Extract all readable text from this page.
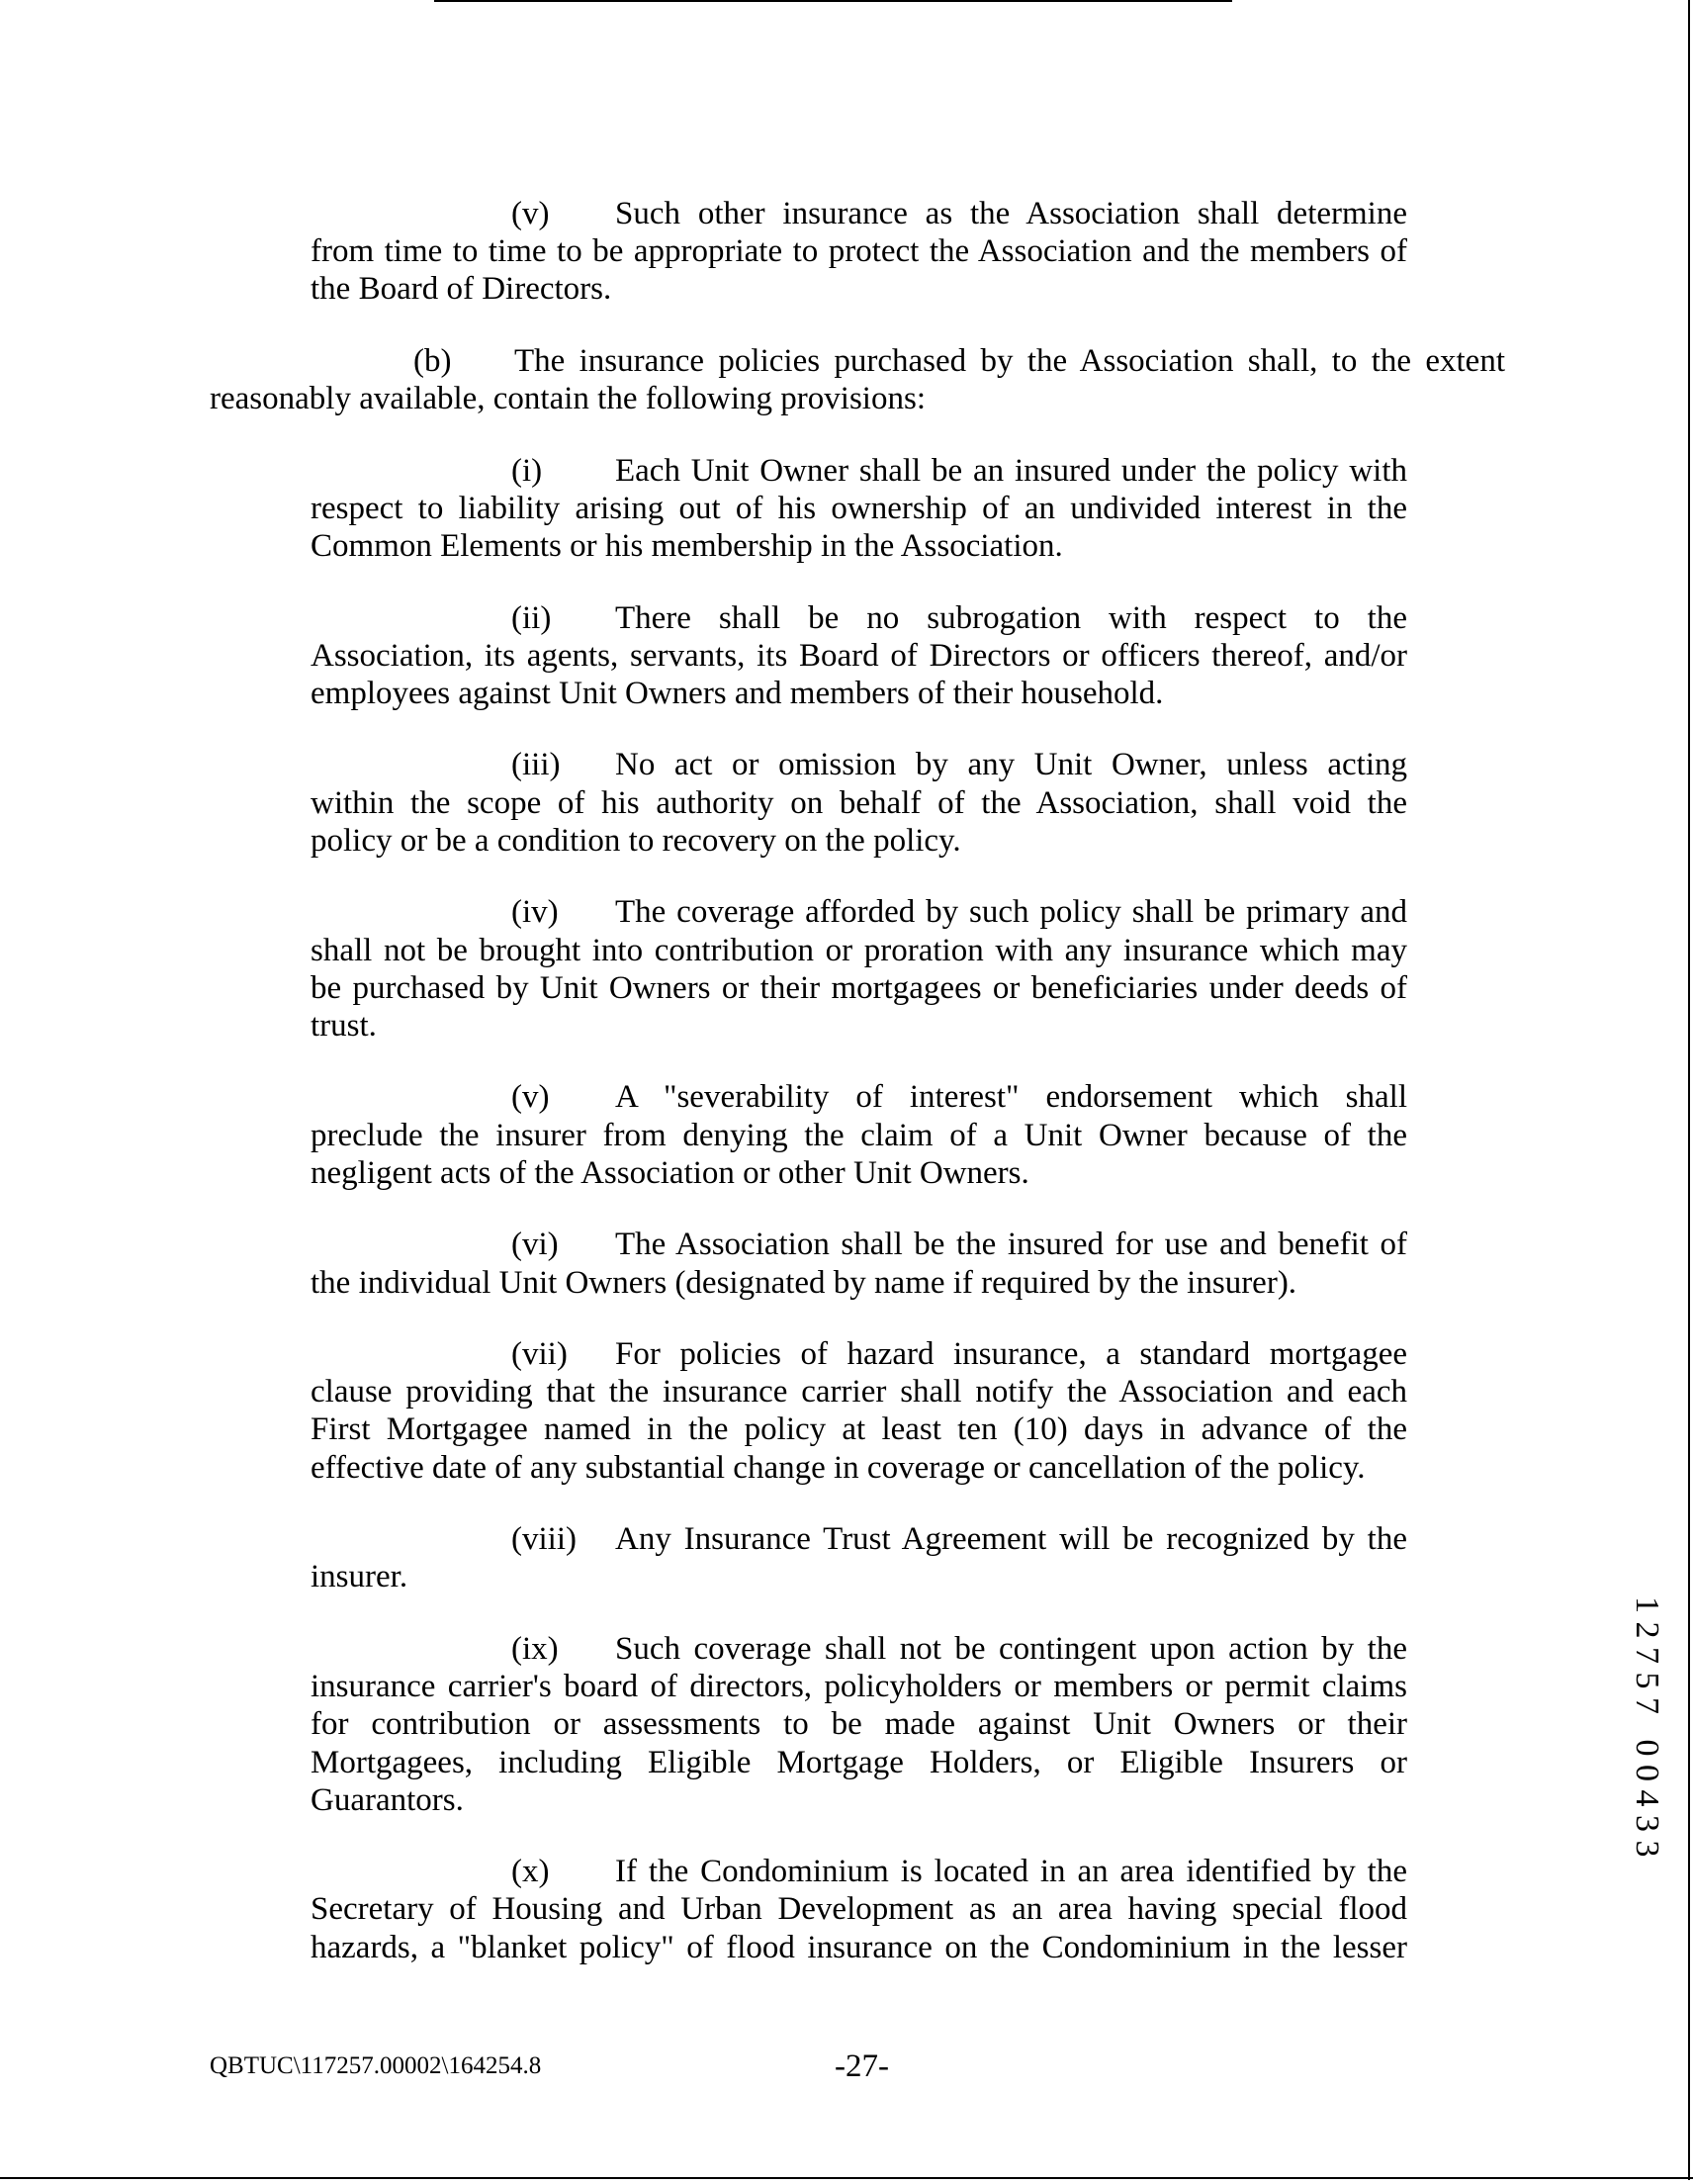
(v)	Such other insurance as the Association shall determine
from time to time to be appropriate to protect the Association and the members of
the Board of Directors.
(b)	The insurance policies purchased by the Association shall, to the extent
reasonably available, contain the following provisions:
(i)	Each Unit Owner shall be an insured under the policy with
respect to liability arising out of his ownership of an undivided interest in the
Common Elements or his membership in the Association.
(ii)	There shall be no subrogation with respect to the
Association, its agents, servants, its Board of Directors or officers thereof, and/or
employees against Unit Owners and members of their household.
(iii)	No act or omission by any Unit Owner, unless acting
within the scope of his authority on behalf of the Association, shall void the
policy or be a condition to recovery on the policy.
(iv)	The coverage afforded by such policy shall be primary and
shall not be brought into contribution or proration with any insurance which may
be purchased by Unit Owners or their mortgagees or beneficiaries under deeds of
trust.
(v)	A "severability of interest" endorsement which shall
preclude the insurer from denying the claim of a Unit Owner because of the
negligent acts of the Association or other Unit Owners.
(vi)	The Association shall be the insured for use and benefit of
the individual Unit Owners (designated by name if required by the insurer).
(vii)	For policies of hazard insurance, a standard mortgagee
clause providing that the insurance carrier shall notify the Association and each
First Mortgagee named in the policy at least ten (10) days in advance of the
effective date of any substantial change in coverage or cancellation of the policy.
(viii)	Any Insurance Trust Agreement will be recognized by the
insurer.
(ix)	Such coverage shall not be contingent upon action by the
insurance carrier's board of directors, policyholders or members or permit claims
for contribution or assessments to be made against Unit Owners or their
Mortgagees, including Eligible Mortgage Holders, or Eligible Insurers or
Guarantors.
(x)	If the Condominium is located in an area identified by the
Secretary of Housing and Urban Development as an area having special flood
hazards, a "blanket policy" of flood insurance on the Condominium in the lesser
12757 00433
QBTUC\117257.00002\164254.8	-27-
